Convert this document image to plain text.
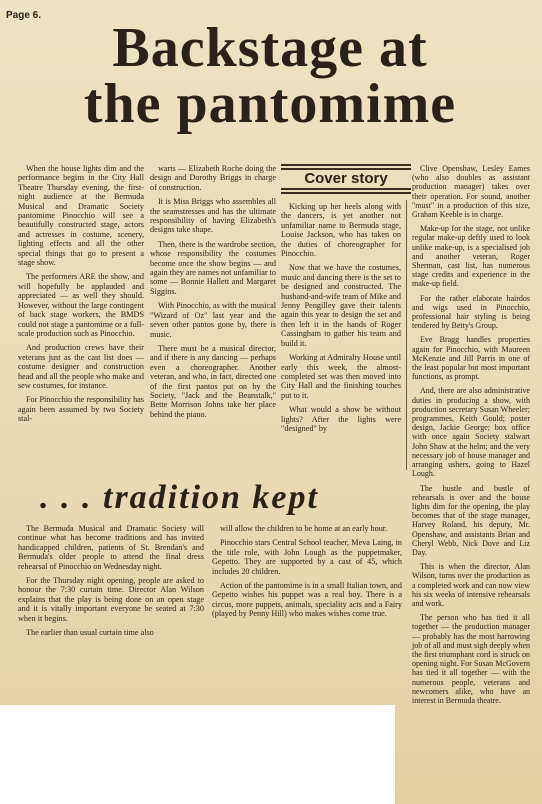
Page 6.
Backstage at
the pantomime

When the house lights dim and the performance begins in the City Hall Theatre Thursday evening, the first-night audience at the Bermuda Musical and Dramatic Society pantomime Pinocchio will see a beautifully constructed stage, actors and actresses in costume, scenery, lighting effects and all the other special things that go to present a stage show.

The performers ARE the show, and will hopefully be applauded and appreciated — as well they should. However, without the large contingent of back stage workers, the BMDS could not stage a pantomime or a full-scale production such as Pinocchio.

And production crews have their veterans just as the cast list does — costume designer and construction head and all the people who make and sew costumes, for instance.

For Pinocchio the responsibility has again been assumed by two Society stal-

warts — Elizabeth Roche doing the design and Dorothy Briggs in charge of construction.

It is Miss Briggs who assembles all the seamstresses and has the ultimate responsibility of having Elizabeth's designs take shape.

Then, there is the wardrobe section, whose responsibility the costumes become once the show begins — and again they are names not unfamiliar to some — Bonnie Hallett and Margaret Siggins.

With Pinocchio, as with the musical "Wizard of Oz" last year and the seven other pantos gone by, there is music.

There must be a musical director, and if there is any dancing — perhaps even a choreographer. Another veteran, and who, in fact, directed one of the first pantos put on by the Society, "Jack and the Beanstalk," Bette Morrison Johns take her place behind the piano.

Cover story

Kicking up her heels along with the dancers, is yet another not unfamiliar name to Bermuda stage, Louise Jackson, who has taken on the duties of choreographer for Pinocchio.

Now that we have the costumes, music and dancing there is the set to be designed and constructed. The husband-and-wife team of Mike and Jenny Pengilley gave their talents again this year to design the set and then left it in the hands of Roger Cassingham to gather his team and build it.

Working at Admiralty House until early this week, the almost-completed set was then moved into City Hall and the finishing touches put to it.

What would a show be without lights? After the lights were "designed" by

Clive Openshaw, Lesley Eames (who also doubles as assistant production manager) takes over their operation. For sound, another "must" in a production of this size, Graham Keeble is in charge.

Make-up for the stage, not unlike regular make-up deftly used to look unlike make-up, is a specialised job and another veteran, Roger Sherman, cast list, has numerous stage credits and experience in the make-up field.

For the rather elaborate hairdos and wigs used in Pinocchio, professional hair styling is being tendered by Betty's Group.

Eve Bragg handles properties again for Pinocchio, with Maureen McKenzie and Jill Parris in one of the least popular but most important functions, as prompt.

And, there are also administrative duties in producing a show, with production secretary Susan Wheeler; programmes, Keith Gould; poster design, Jackie George; box office with once again Society stalwart John Shaw at the helm; and the very necessary job of house manager and arranging ushers, going to Hazel Lough.

The hustle and bustle of rehearsals is over and the house lights dim for the opening, the play becomes that of the stage manager, Harvey Roland, his deputy, Mr. Openshaw, and assistants Brian and Cheryl Webb, Nick Dove and Liz Day.

This is when the director, Alan Wilson, turns over the production as a completed work and can now view his six weeks of intensive rehearsals and work.

The person who has tied it all together — the production manager — probably has the most harrowing job of all and must sigh deeply when the first triumphant cord is struck on opening night. For Susan McGovern has tied it all together — with the numerous people, veterans and newcomers alike, who have an interest in Bermuda theatre.

. . . tradition kept

The Bermuda Musical and Dramatic Society will continue what has become traditions and has invited handicapped children, patients of St. Brendan's and Bermuda's older people to attend the final dress rehearsal of Pinocchio on Wednesday night.

For the Thursday night opening, people are asked to honour the 7:30 curtain time. Director Alan Wilson explains that the play is being done on an open stage and it is vitally important everyone be seated at 7:30 when it begins.

The earlier than usual curtain time also

will allow the children to be home at an early hour.

Pinocchio stars Central School teacher, Meva Laing, in the title role, with John Lough as the puppetmaker, Gepetto. They are supported by a cast of 45, which includes 20 children.

Action of the pantomime is in a small Italian town, and Gepetto wishes his puppet was a real boy. There is a circus, more puppets, animals, speciality acts and a Fairy (played by Penny Hill) who makes wishes come true.
